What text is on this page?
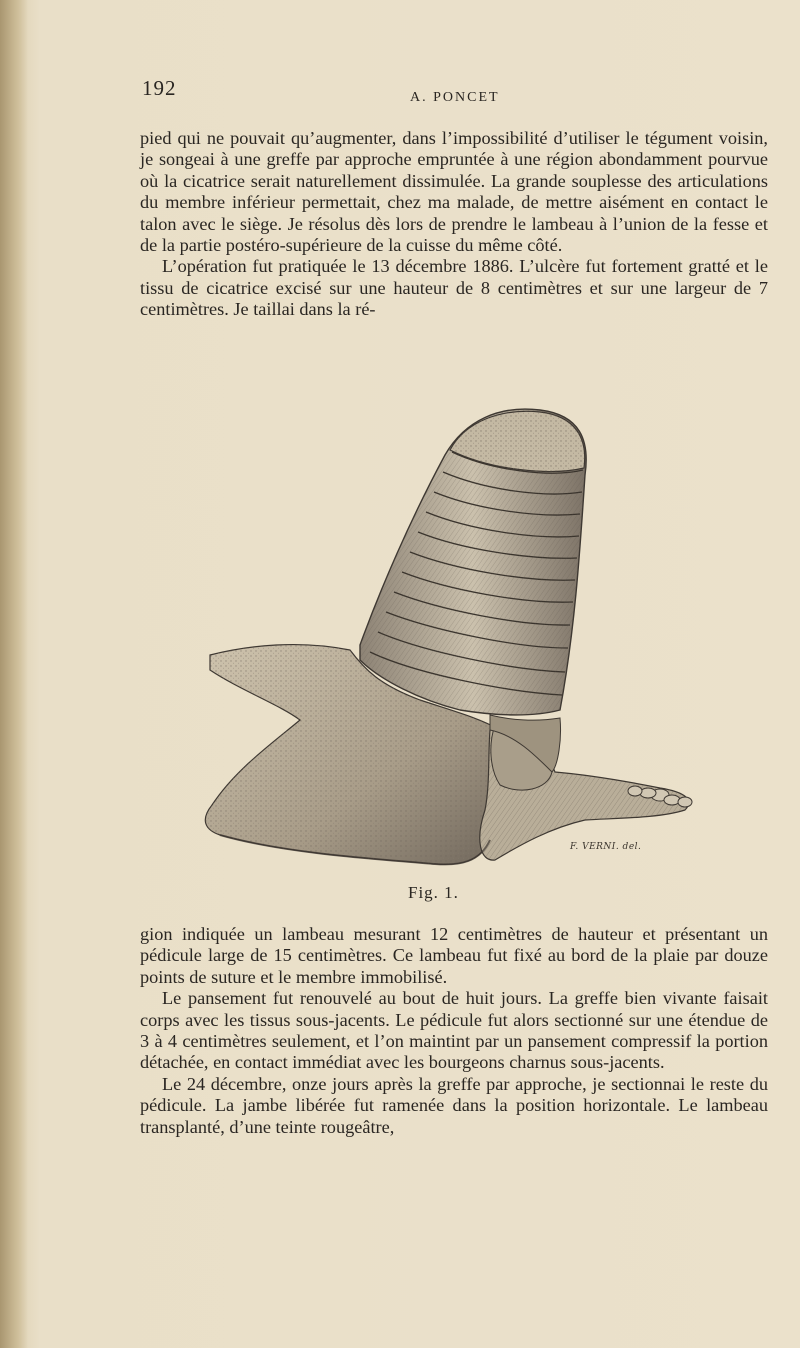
192	A. PONCET

pied qui ne pouvait qu’augmenter, dans l’impossibilité d’utiliser le tégument voisin, je songeai à une greffe par approche empruntée à une région abondamment pourvue où la cicatrice serait naturellement dissimulée. La grande souplesse des articulations du membre inférieur permettait, chez ma malade, de mettre aisément en contact le talon avec le siège. Je résolus dès lors de prendre le lambeau à l’union de la fesse et de la partie postéro-supérieure de la cuisse du même côté.

L’opération fut pratiquée le 13 décembre 1886. L’ulcère fut fortement gratté et le tissu de cicatrice excisé sur une hauteur de 8 centimètres et sur une largeur de 7 centimètres. Je taillai dans la ré-

F. VERNI. del.
Fig. 1.

gion indiquée un lambeau mesurant 12 centimètres de hauteur et présentant un pédicule large de 15 centimètres. Ce lambeau fut fixé au bord de la plaie par douze points de suture et le membre immobilisé.

Le pansement fut renouvelé au bout de huit jours. La greffe bien vivante faisait corps avec les tissus sous-jacents. Le pédicule fut alors sectionné sur une étendue de 3 à 4 centimètres seulement, et l’on maintint par un pansement compressif la portion détachée, en contact immédiat avec les bourgeons charnus sous-jacents.

Le 24 décembre, onze jours après la greffe par approche, je sectionnai le reste du pédicule. La jambe libérée fut ramenée dans la position horizontale. Le lambeau transplanté, d’une teinte rougeâtre,
